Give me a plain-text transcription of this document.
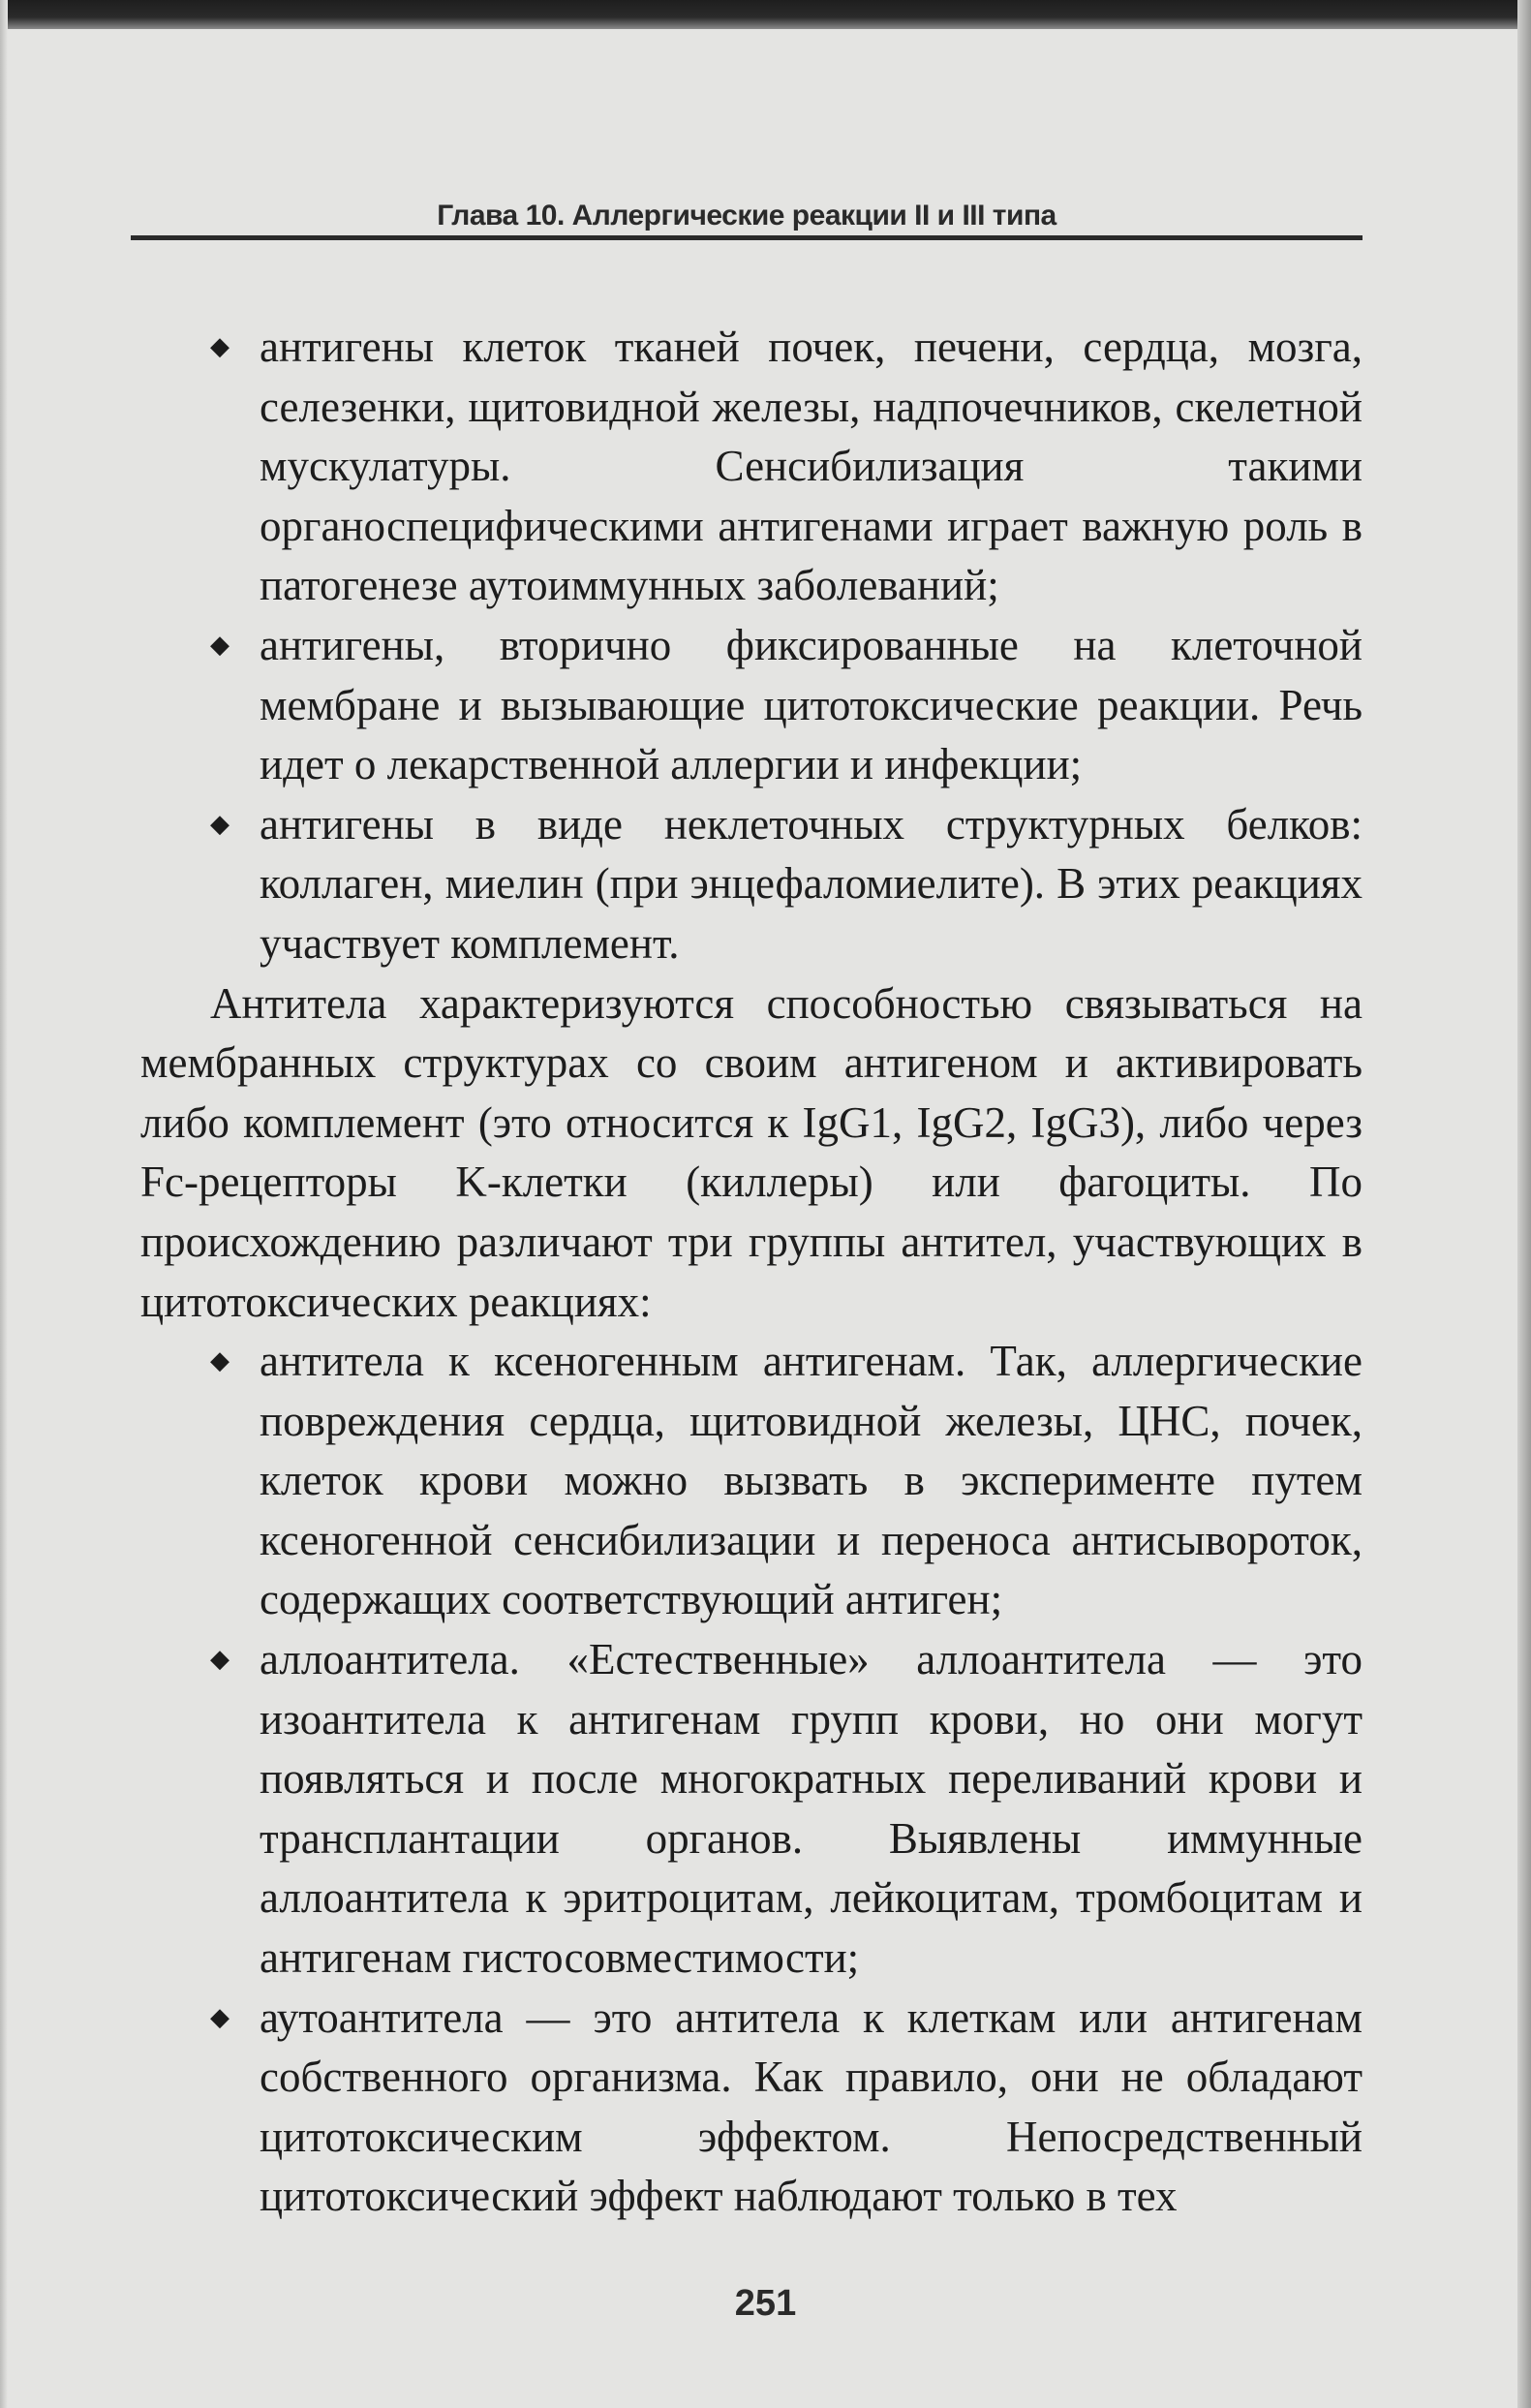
Глава 10. Аллергические реакции II и III типа
◆ антигены клеток тканей почек, печени, сердца, мозга, селезенки, щитовидной железы, надпочечников, скелетной мускулатуры. Сенсибилизация такими органоспецифическими антигенами играет важную роль в патогенезе аутоиммунных заболеваний;
◆ антигены, вторично фиксированные на клеточной мембране и вызывающие цитотоксические реакции. Речь идет о лекарственной аллергии и инфекции;
◆ антигены в виде неклеточных структурных белков: коллаген, миелин (при энцефаломиелите). В этих реакциях участвует комплемент.

Антитела характеризуются способностью связываться на мембранных структурах со своим антигеном и активировать либо комплемент (это относится к IgG1, IgG2, IgG3), либо через Fc-рецепторы K-клетки (киллеры) или фагоциты. По происхождению различают три группы антител, участвующих в цитотоксических реакциях:

◆ антитела к ксеногенным антигенам. Так, аллергические повреждения сердца, щитовидной железы, ЦНС, почек, клеток крови можно вызвать в эксперименте путем ксеногенной сенсибилизации и переноса антисывороток, содержащих соответствующий антиген;
◆ аллоантитела. «Естественные» аллоантитела — это изоантитела к антигенам групп крови, но они могут появляться и после многократных переливаний крови и трансплантации органов. Выявлены иммунные аллоантитела к эритроцитам, лейкоцитам, тромбоцитам и антигенам гистосовместимости;
◆ аутоантитела — это антитела к клеткам или антигенам собственного организма. Как правило, они не обладают цитотоксическим эффектом. Непосредственный цитотоксический эффект наблюдают только в тех
251
